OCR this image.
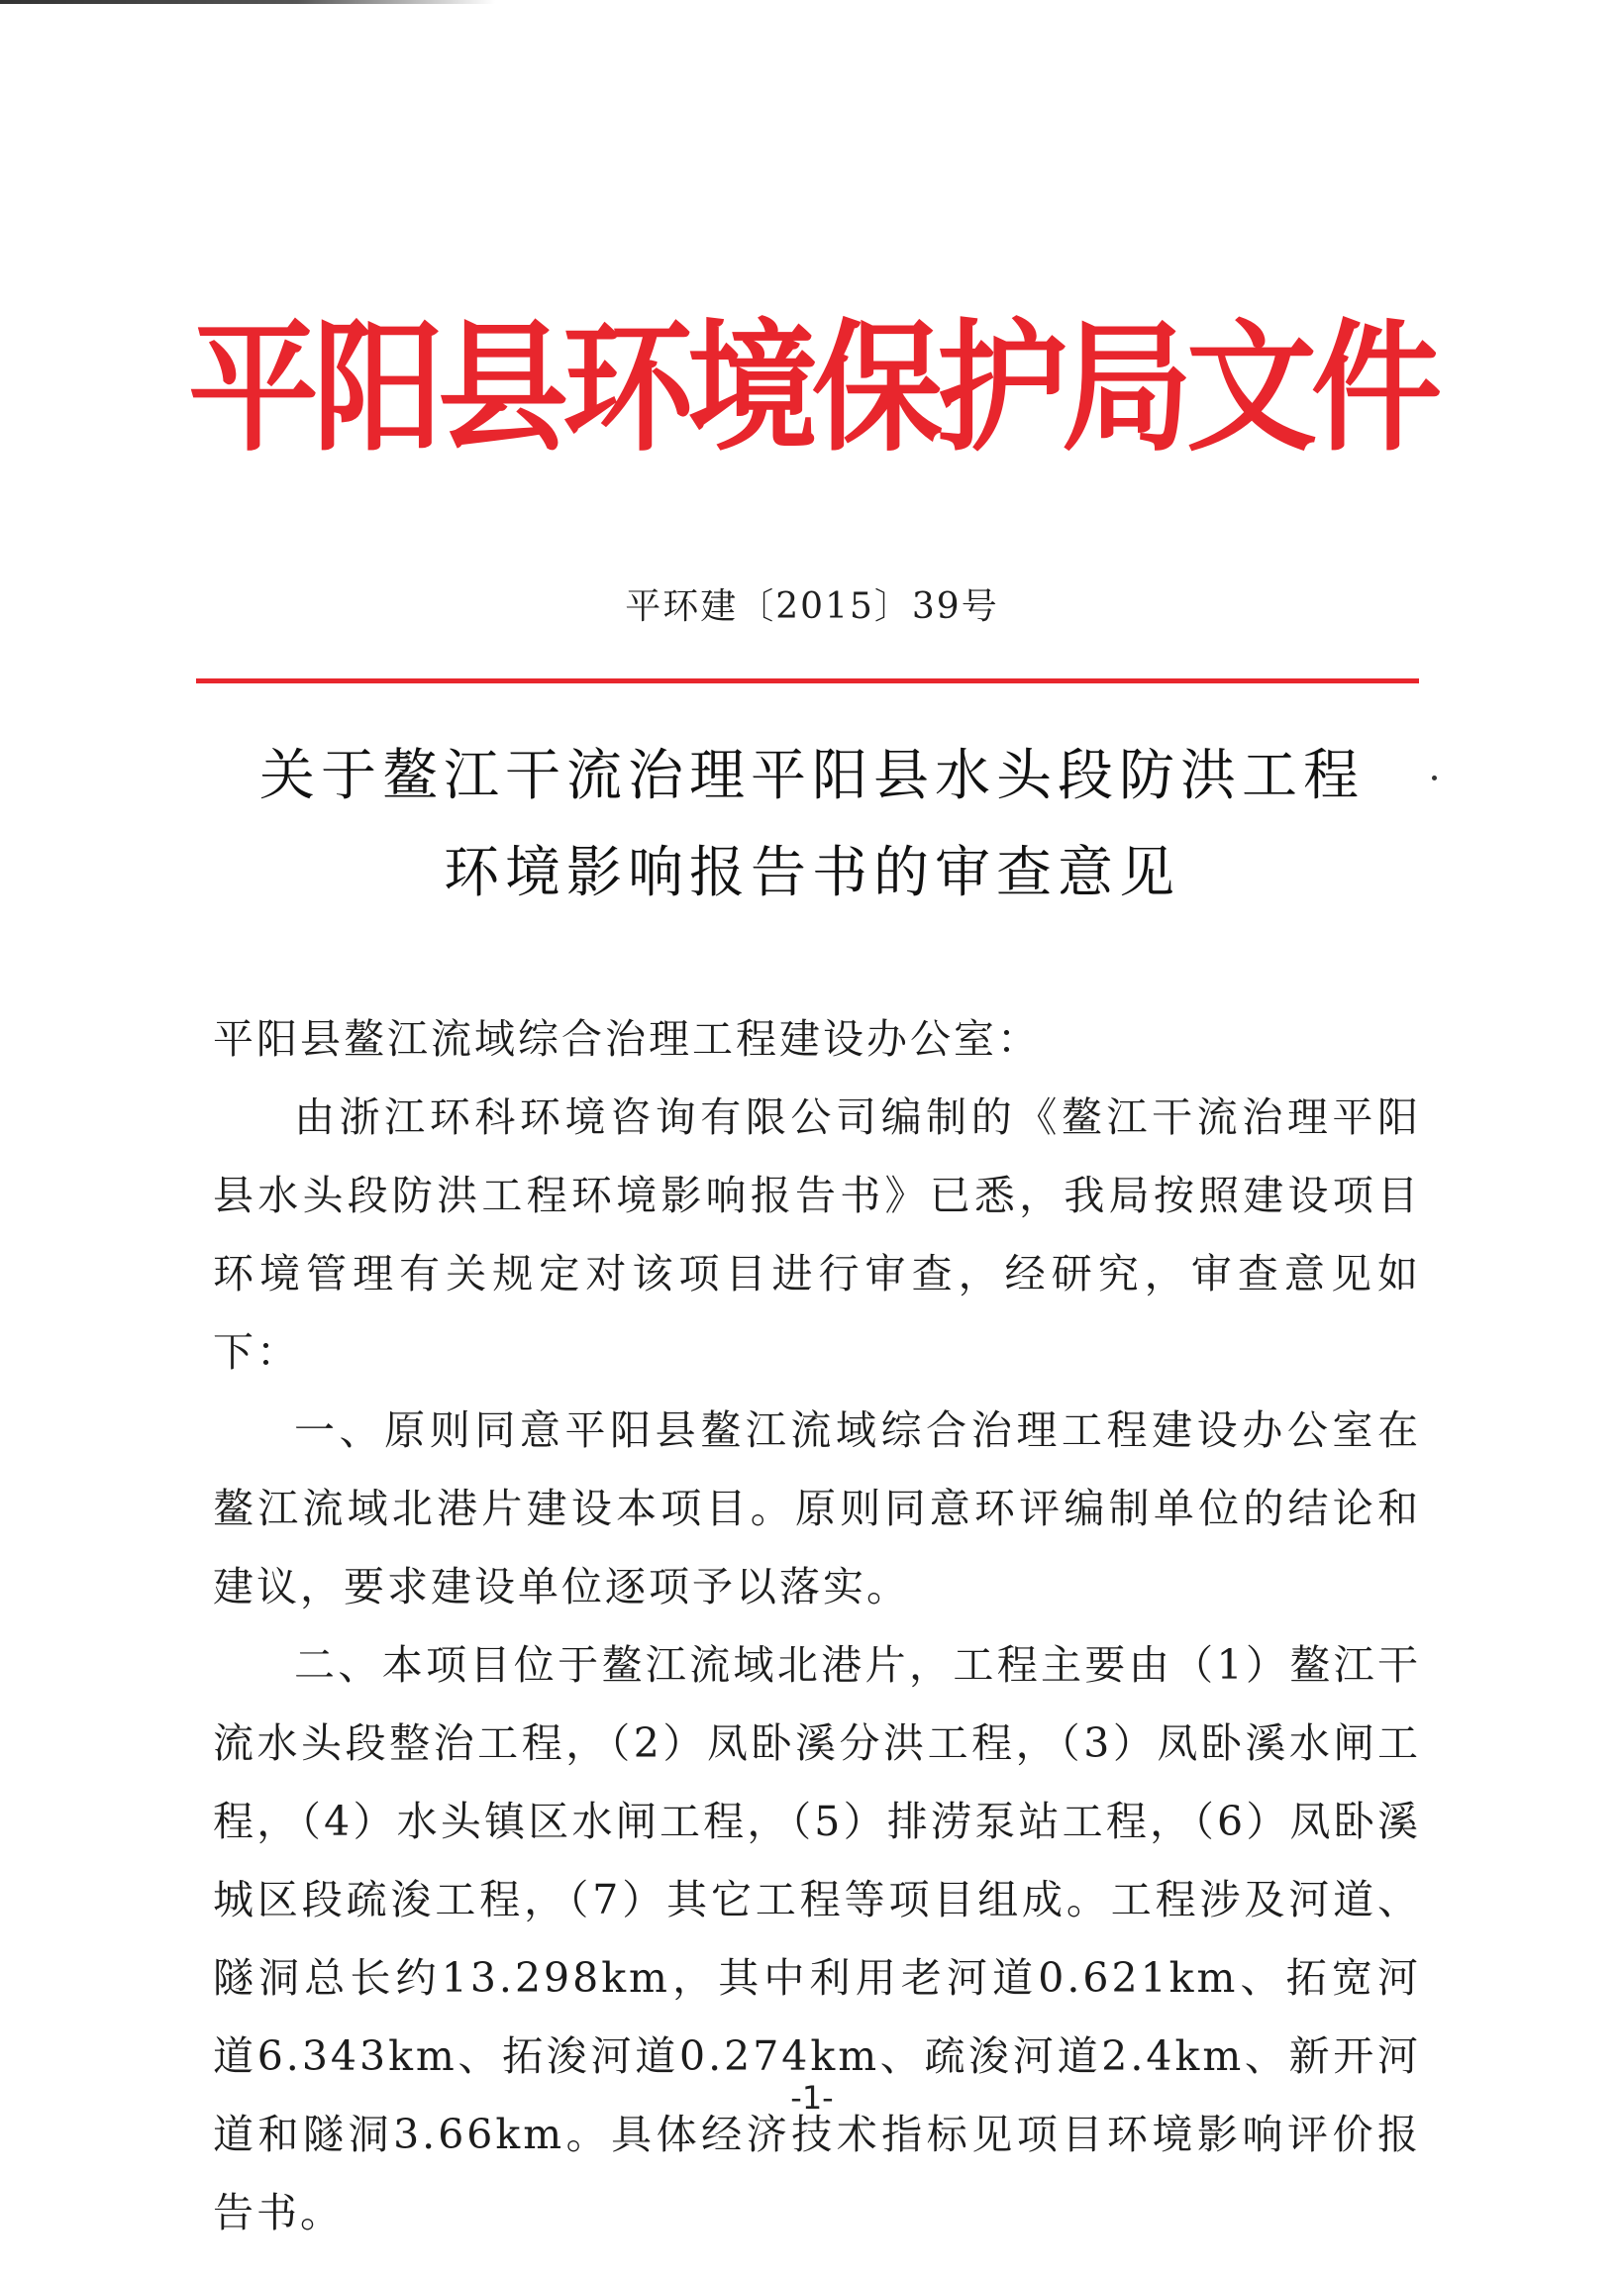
平阳县环境保护局文件
平环建〔2015〕39号
关于鳌江干流治理平阳县水头段防洪工程
环境影响报告书的审查意见

平阳县鳌江流域综合治理工程建设办公室：

由浙江环科环境咨询有限公司编制的《鳌江干流治理平阳县水头段防洪工程环境影响报告书》已悉，我局按照建设项目环境管理有关规定对该项目进行审查，经研究，审查意见如下：

一、原则同意平阳县鳌江流域综合治理工程建设办公室在鳌江流域北港片建设本项目。原则同意环评编制单位的结论和建议，要求建设单位逐项予以落实。

二、本项目位于鳌江流域北港片，工程主要由（1）鳌江干流水头段整治工程，（2）凤卧溪分洪工程，（3）凤卧溪水闸工程，（4）水头镇区水闸工程，（5）排涝泵站工程，（6）凤卧溪城区段疏浚工程，（7）其它工程等项目组成。工程涉及河道、隧洞总长约13.298km，其中利用老河道0.621km、拓宽河道6.343km、拓浚河道0.274km、疏浚河道2.4km、新开河道和隧洞3.66km。具体经济技术指标见项目环境影响评价报告书。

-1-
